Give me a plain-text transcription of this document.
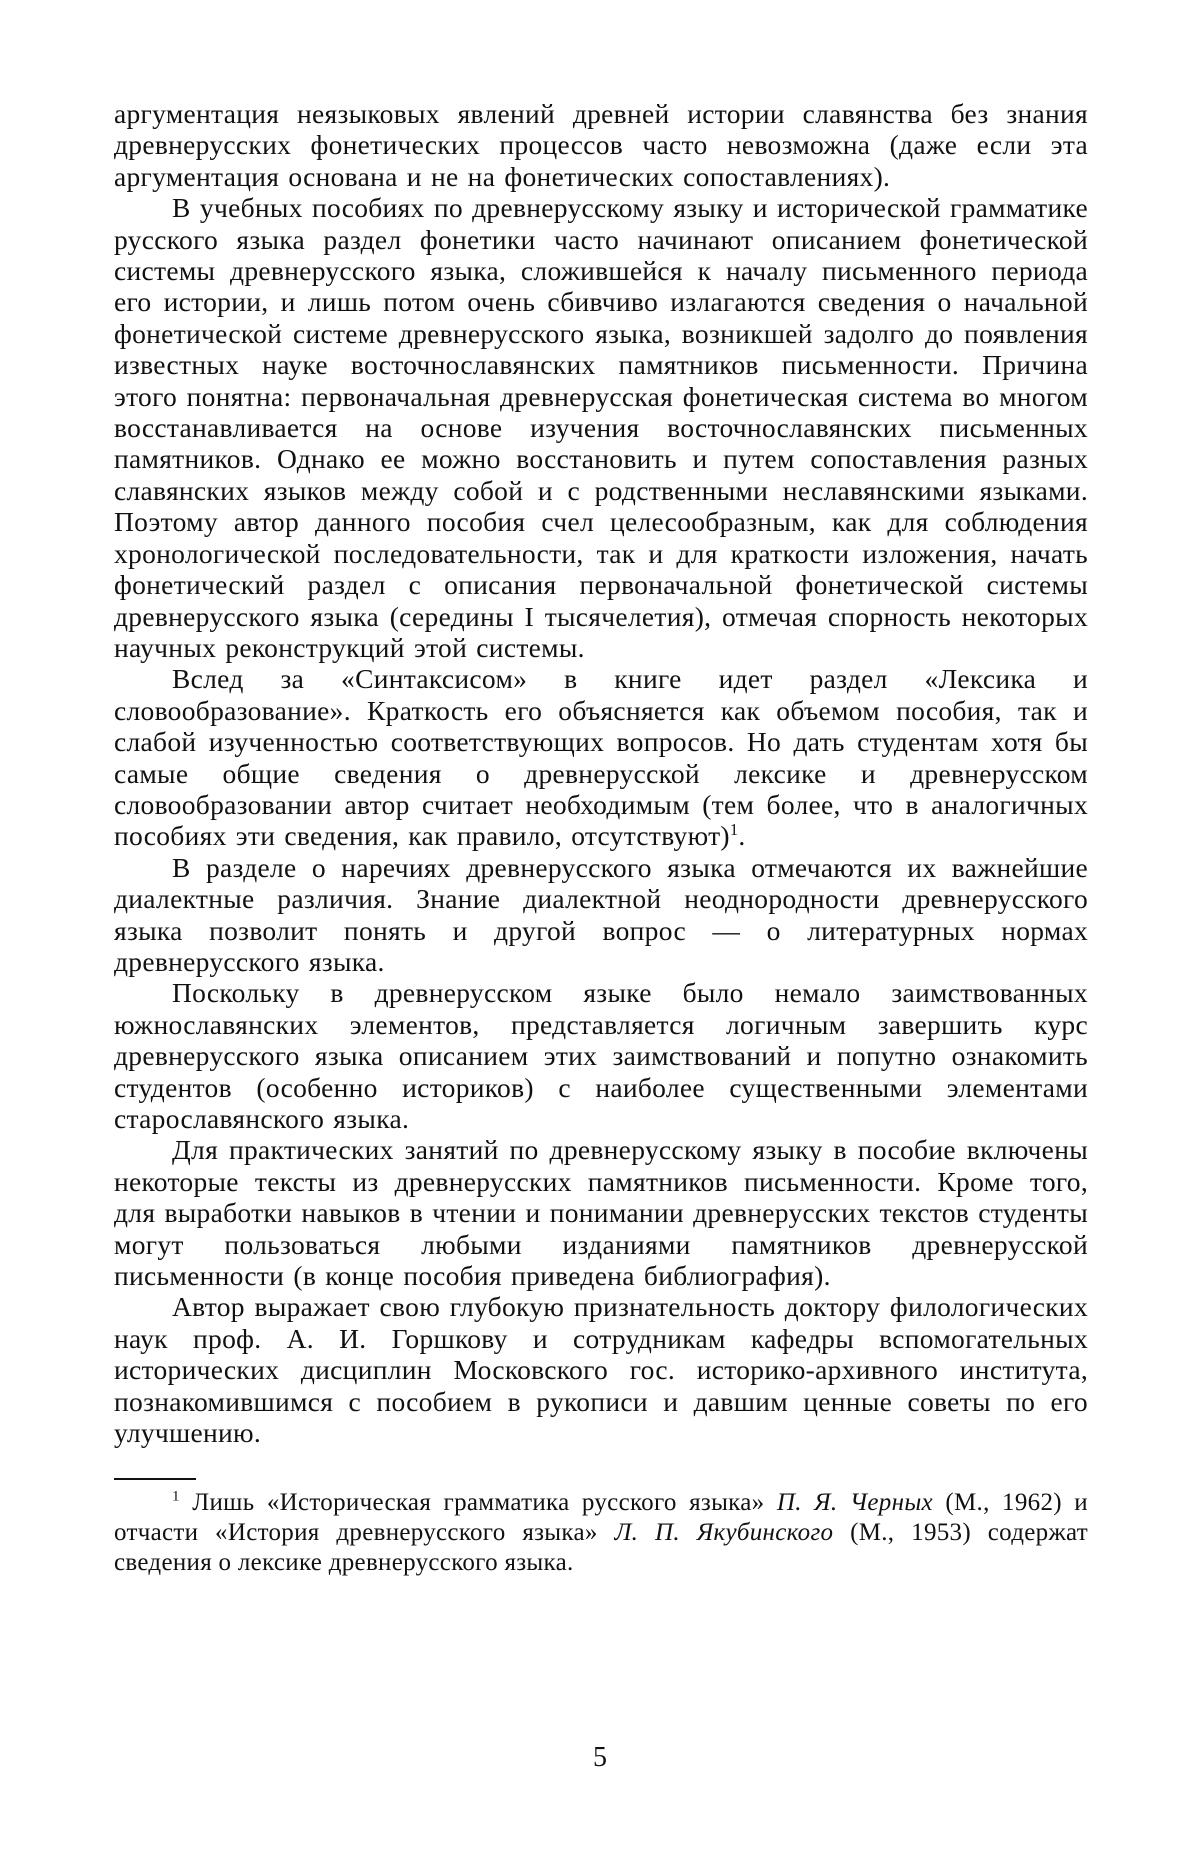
аргументация неязыковых явлений древней истории славянства без знания древнерусских фонетических процессов часто невозможна (даже если эта аргументация основана и не на фонетических сопоставлениях).

В учебных пособиях по древнерусскому языку и исторической грамматике русского языка раздел фонетики часто начинают описанием фонетической системы древнерусского языка, сложившейся к началу письменного периода его истории, и лишь потом очень сбивчиво излагаются сведения о начальной фонетической системе древнерусского языка, возникшей задолго до появления известных науке восточнославянских памятников письменности. Причина этого понятна: первоначальная древнерусская фонетическая система во многом восстанавливается на основе изучения восточнославянских письменных памятников. Однако ее можно восстановить и путем сопоставления разных славянских языков между собой и с родственными неславянскими языками. Поэтому автор данного пособия счел целесообразным, как для соблюдения хронологической последовательности, так и для краткости изложения, начать фонетический раздел с описания первоначальной фонетической системы древнерусского языка (середины I тысячелетия), отмечая спорность некоторых научных реконструкций этой системы.

Вслед за «Синтаксисом» в книге идет раздел «Лексика и словообразование». Краткость его объясняется как объемом пособия, так и слабой изученностью соответствующих вопросов. Но дать студентам хотя бы самые общие сведения о древнерусской лексике и древнерусском словообразовании автор считает необходимым (тем более, что в аналогичных пособиях эти сведения, как правило, отсутствуют)$^1$.

В разделе о наречиях древнерусского языка отмечаются их важнейшие диалектные различия. Знание диалектной неоднородности древнерусского языка позволит понять и другой вопрос — о литературных нормах древнерусского языка.

Поскольку в древнерусском языке было немало заимствованных южнославянских элементов, представляется логичным завершить курс древнерусского языка описанием этих заимствований и попутно ознакомить студентов (особенно историков) с наиболее существенными элементами старославянского языка.

Для практических занятий по древнерусскому языку в пособие включены некоторые тексты из древнерусских памятников письменности. Кроме того, для выработки навыков в чтении и понимании древнерусских текстов студенты могут пользоваться любыми изданиями памятников древнерусской письменности (в конце пособия приведена библиография).

Автор выражает свою глубокую признательность доктору филологических наук проф. А. И. Горшкову и сотрудникам кафедры вспомогательных исторических дисциплин Московского гос. историко-архивного института, познакомившимся с пособием в рукописи и давшим ценные советы по его улучшению.

$^1$ Лишь «Историческая грамматика русского языка» П. Я. Черных (М., 1962) и отчасти «История древнерусского языка» Л. П. Якубинского (М., 1953) содержат сведения о лексике древнерусского языка.

5
